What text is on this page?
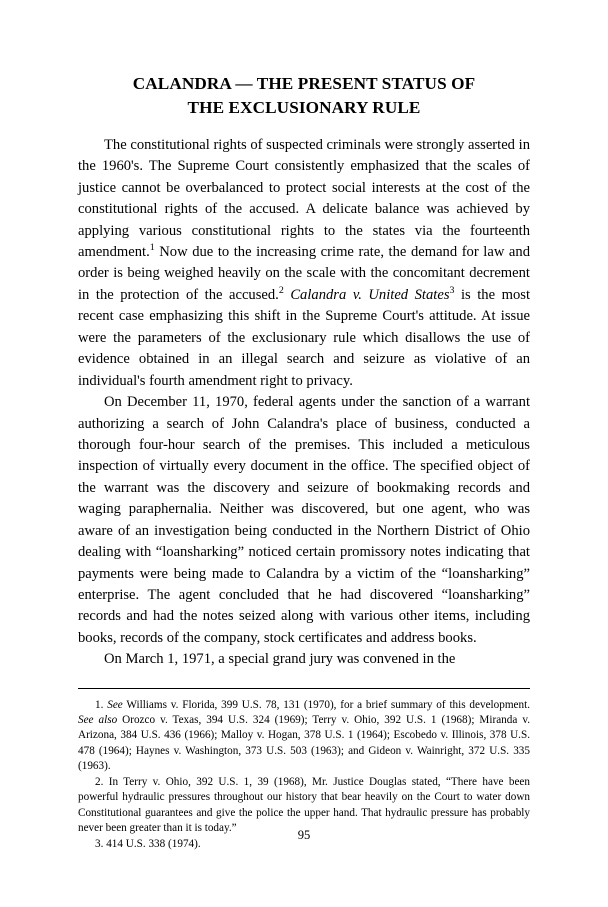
CALANDRA — THE PRESENT STATUS OF
THE EXCLUSIONARY RULE

The constitutional rights of suspected criminals were strongly asserted in the 1960's. The Supreme Court consistently emphasized that the scales of justice cannot be overbalanced to protect social interests at the cost of the constitutional rights of the accused. A delicate balance was achieved by applying various constitutional rights to the states via the fourteenth amendment.$^1$ Now due to the increasing crime rate, the demand for law and order is being weighed heavily on the scale with the concomitant decrement in the protection of the accused.$^2$ Calandra v. United States$^3$ is the most recent case emphasizing this shift in the Supreme Court's attitude. At issue were the parameters of the exclusionary rule which disallows the use of evidence obtained in an illegal search and seizure as violative of an individual's fourth amendment right to privacy.

On December 11, 1970, federal agents under the sanction of a warrant authorizing a search of John Calandra's place of business, conducted a thorough four-hour search of the premises. This included a meticulous inspection of virtually every document in the office. The specified object of the warrant was the discovery and seizure of bookmaking records and waging paraphernalia. Neither was discovered, but one agent, who was aware of an investigation being conducted in the Northern District of Ohio dealing with “loansharking” noticed certain promissory notes indicating that payments were being made to Calandra by a victim of the “loansharking” enterprise. The agent concluded that he had discovered “loansharking” records and had the notes seized along with various other items, including books, records of the company, stock certificates and address books.

On March 1, 1971, a special grand jury was convened in the

1. See Williams v. Florida, 399 U.S. 78, 131 (1970), for a brief summary of this development. See also Orozco v. Texas, 394 U.S. 324 (1969); Terry v. Ohio, 392 U.S. 1 (1968); Miranda v. Arizona, 384 U.S. 436 (1966); Malloy v. Hogan, 378 U.S. 1 (1964); Escobedo v. Illinois, 378 U.S. 478 (1964); Haynes v. Washington, 373 U.S. 503 (1963); and Gideon v. Wainright, 372 U.S. 335 (1963).

2. In Terry v. Ohio, 392 U.S. 1, 39 (1968), Mr. Justice Douglas stated, “There have been powerful hydraulic pressures throughout our history that bear heavily on the Court to water down Constitutional guarantees and give the police the upper hand. That hydraulic pressure has probably never been greater than it is today.”

3. 414 U.S. 338 (1974).

95
